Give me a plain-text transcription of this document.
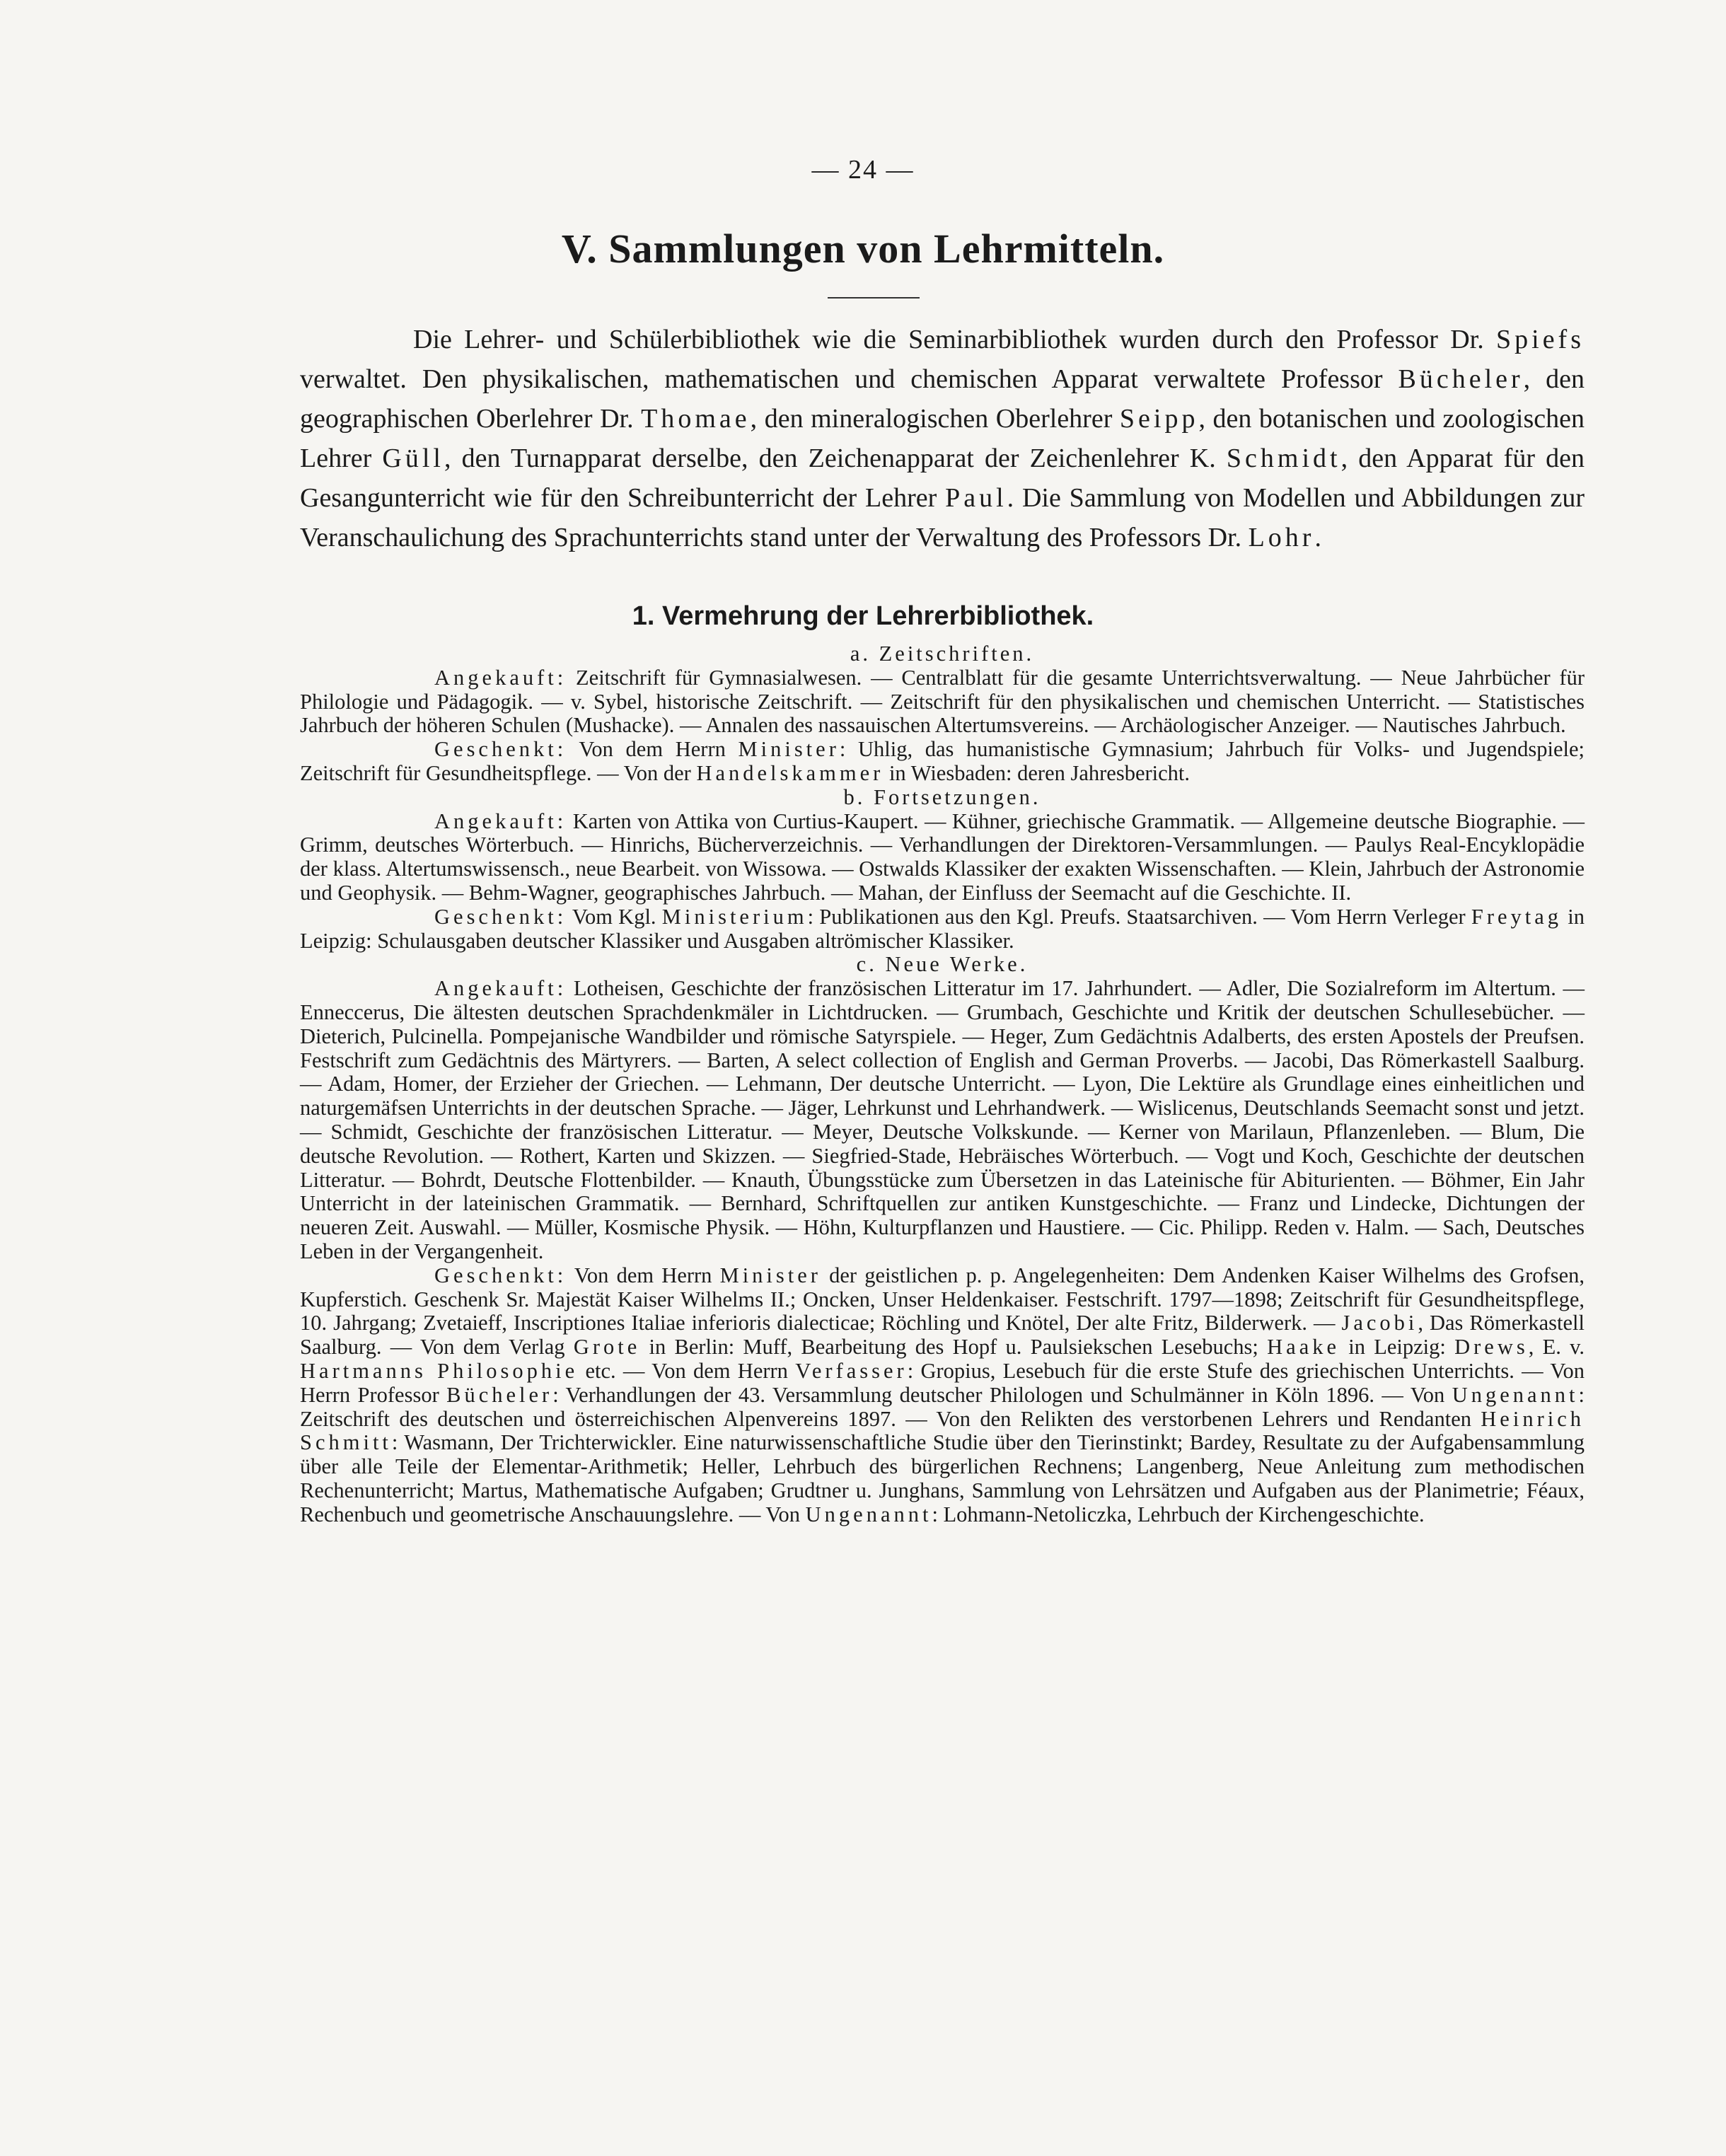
— 24 —
V. Sammlungen von Lehrmitteln.

Die Lehrer- und Schülerbibliothek wie die Seminarbibliothek wurden durch den Professor Dr. Spiefs verwaltet. Den physikalischen, mathematischen und chemischen Apparat verwaltete Professor Bücheler, den geographischen Oberlehrer Dr. Thomae, den mineralogischen Oberlehrer Seipp, den botanischen und zoologischen Lehrer Güll, den Turnapparat derselbe, den Zeichenapparat der Zeichenlehrer K. Schmidt, den Apparat für den Gesangunterricht wie für den Schreibunterricht der Lehrer Paul. Die Sammlung von Modellen und Abbildungen zur Veranschaulichung des Sprachunterrichts stand unter der Verwaltung des Professors Dr. Lohr.

1. Vermehrung der Lehrerbibliothek.

a. Zeitschriften.

Angekauft: Zeitschrift für Gymnasialwesen. — Centralblatt für die gesamte Unterrichtsverwaltung. — Neue Jahrbücher für Philologie und Pädagogik. — v. Sybel, historische Zeitschrift. — Zeitschrift für den physikalischen und chemischen Unterricht. — Statistisches Jahrbuch der höheren Schulen (Mushacke). — Annalen des nassauischen Altertumsvereins. — Archäologischer Anzeiger. — Nautisches Jahrbuch.

Geschenkt: Von dem Herrn Minister: Uhlig, das humanistische Gymnasium; Jahrbuch für Volks- und Jugendspiele; Zeitschrift für Gesundheitspflege. — Von der Handelskammer in Wiesbaden: deren Jahresbericht.

b. Fortsetzungen.

Angekauft: Karten von Attika von Curtius-Kaupert. — Kühner, griechische Grammatik. — Allgemeine deutsche Biographie. — Grimm, deutsches Wörterbuch. — Hinrichs, Bücherverzeichnis. — Verhandlungen der Direktoren-Versammlungen. — Paulys Real-Encyklopädie der klass. Altertumswissensch., neue Bearbeit. von Wissowa. — Ostwalds Klassiker der exakten Wissenschaften. — Klein, Jahrbuch der Astronomie und Geophysik. — Behm-Wagner, geographisches Jahrbuch. — Mahan, der Einfluss der Seemacht auf die Geschichte. II.

Geschenkt: Vom Kgl. Ministerium: Publikationen aus den Kgl. Preufs. Staatsarchiven. — Vom Herrn Verleger Freytag in Leipzig: Schulausgaben deutscher Klassiker und Ausgaben altrömischer Klassiker.

c. Neue Werke.

Angekauft: Lotheisen, Geschichte der französischen Litteratur im 17. Jahrhundert. — Adler, Die Sozialreform im Altertum. — Enneccerus, Die ältesten deutschen Sprachdenkmäler in Lichtdrucken. — Grumbach, Geschichte und Kritik der deutschen Schullesebücher. — Dieterich, Pulcinella. Pompejanische Wandbilder und römische Satyrspiele. — Heger, Zum Gedächtnis Adalberts, des ersten Apostels der Preufsen. Festschrift zum Gedächtnis des Märtyrers. — Barten, A select collection of English and German Proverbs. — Jacobi, Das Römerkastell Saalburg. — Adam, Homer, der Erzieher der Griechen. — Lehmann, Der deutsche Unterricht. — Lyon, Die Lektüre als Grundlage eines einheitlichen und naturgemäfsen Unterrichts in der deutschen Sprache. — Jäger, Lehrkunst und Lehrhandwerk. — Wislicenus, Deutschlands Seemacht sonst und jetzt. — Schmidt, Geschichte der französischen Litteratur. — Meyer, Deutsche Volkskunde. — Kerner von Marilaun, Pflanzenleben. — Blum, Die deutsche Revolution. — Rothert, Karten und Skizzen. — Siegfried-Stade, Hebräisches Wörterbuch. — Vogt und Koch, Geschichte der deutschen Litteratur. — Bohrdt, Deutsche Flottenbilder. — Knauth, Übungsstücke zum Übersetzen in das Lateinische für Abiturienten. — Böhmer, Ein Jahr Unterricht in der lateinischen Grammatik. — Bernhard, Schriftquellen zur antiken Kunstgeschichte. — Franz und Lindecke, Dichtungen der neueren Zeit. Auswahl. — Müller, Kosmische Physik. — Höhn, Kulturpflanzen und Haustiere. — Cic. Philipp. Reden v. Halm. — Sach, Deutsches Leben in der Vergangenheit.

Geschenkt: Von dem Herrn Minister der geistlichen p. p. Angelegenheiten: Dem Andenken Kaiser Wilhelms des Grofsen, Kupferstich. Geschenk Sr. Majestät Kaiser Wilhelms II.; Oncken, Unser Heldenkaiser. Festschrift. 1797—1898; Zeitschrift für Gesundheitspflege, 10. Jahrgang; Zvetaieff, Inscriptiones Italiae inferioris dialecticae; Röchling und Knötel, Der alte Fritz, Bilderwerk. — Jacobi, Das Römerkastell Saalburg. — Von dem Verlag Grote in Berlin: Muff, Bearbeitung des Hopf u. Paulsiekschen Lesebuchs; Haake in Leipzig: Drews, E. v. Hartmanns Philosophie etc. — Von dem Herrn Verfasser: Gropius, Lesebuch für die erste Stufe des griechischen Unterrichts. — Von Herrn Professor Bücheler: Verhandlungen der 43. Versammlung deutscher Philologen und Schulmänner in Köln 1896. — Von Ungenannt: Zeitschrift des deutschen und österreichischen Alpenvereins 1897. — Von den Relikten des verstorbenen Lehrers und Rendanten Heinrich Schmitt: Wasmann, Der Trichterwickler. Eine naturwissenschaftliche Studie über den Tierinstinkt; Bardey, Resultate zu der Aufgabensammlung über alle Teile der Elementar-Arithmetik; Heller, Lehrbuch des bürgerlichen Rechnens; Langenberg, Neue Anleitung zum methodischen Rechenunterricht; Martus, Mathematische Aufgaben; Grudtner u. Junghans, Sammlung von Lehrsätzen und Aufgaben aus der Planimetrie; Féaux, Rechenbuch und geometrische Anschauungslehre. — Von Ungenannt: Lohmann-Netoliczka, Lehrbuch der Kirchengeschichte.
